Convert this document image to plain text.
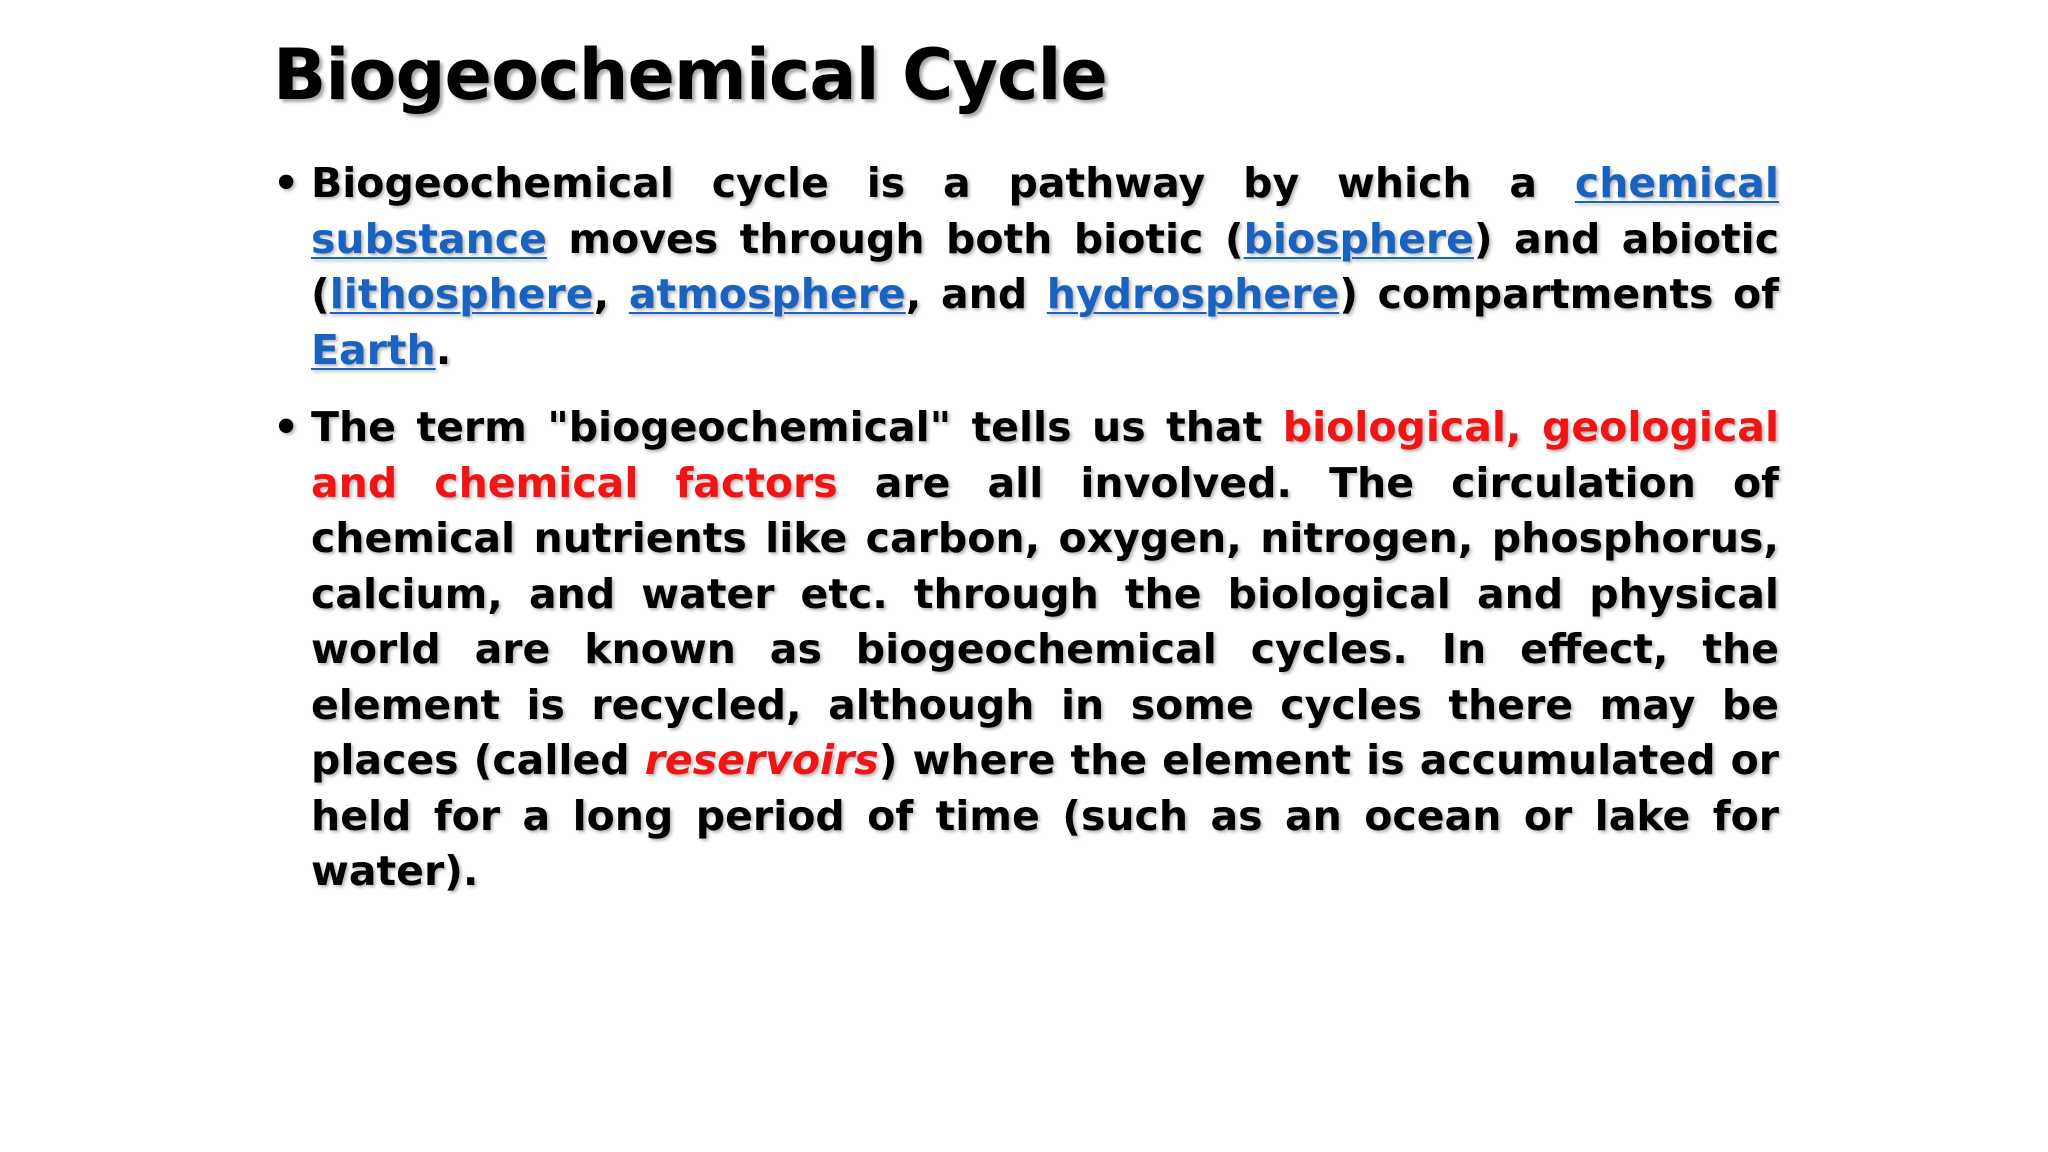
Biogeochemical Cycle
• Biogeochemical cycle is a pathway by which a chemical substance moves through both biotic (biosphere) and abiotic (lithosphere, atmosphere, and hydrosphere) compartments of Earth.
• The term "biogeochemical" tells us that biological, geological and chemical factors are all involved. The circulation of chemical nutrients like carbon, oxygen, nitrogen, phosphorus, calcium, and water etc. through the biological and physical world are known as biogeochemical cycles. In effect, the element is recycled, although in some cycles there may be places (called reservoirs) where the element is accumulated or held for a long period of time (such as an ocean or lake for water).
